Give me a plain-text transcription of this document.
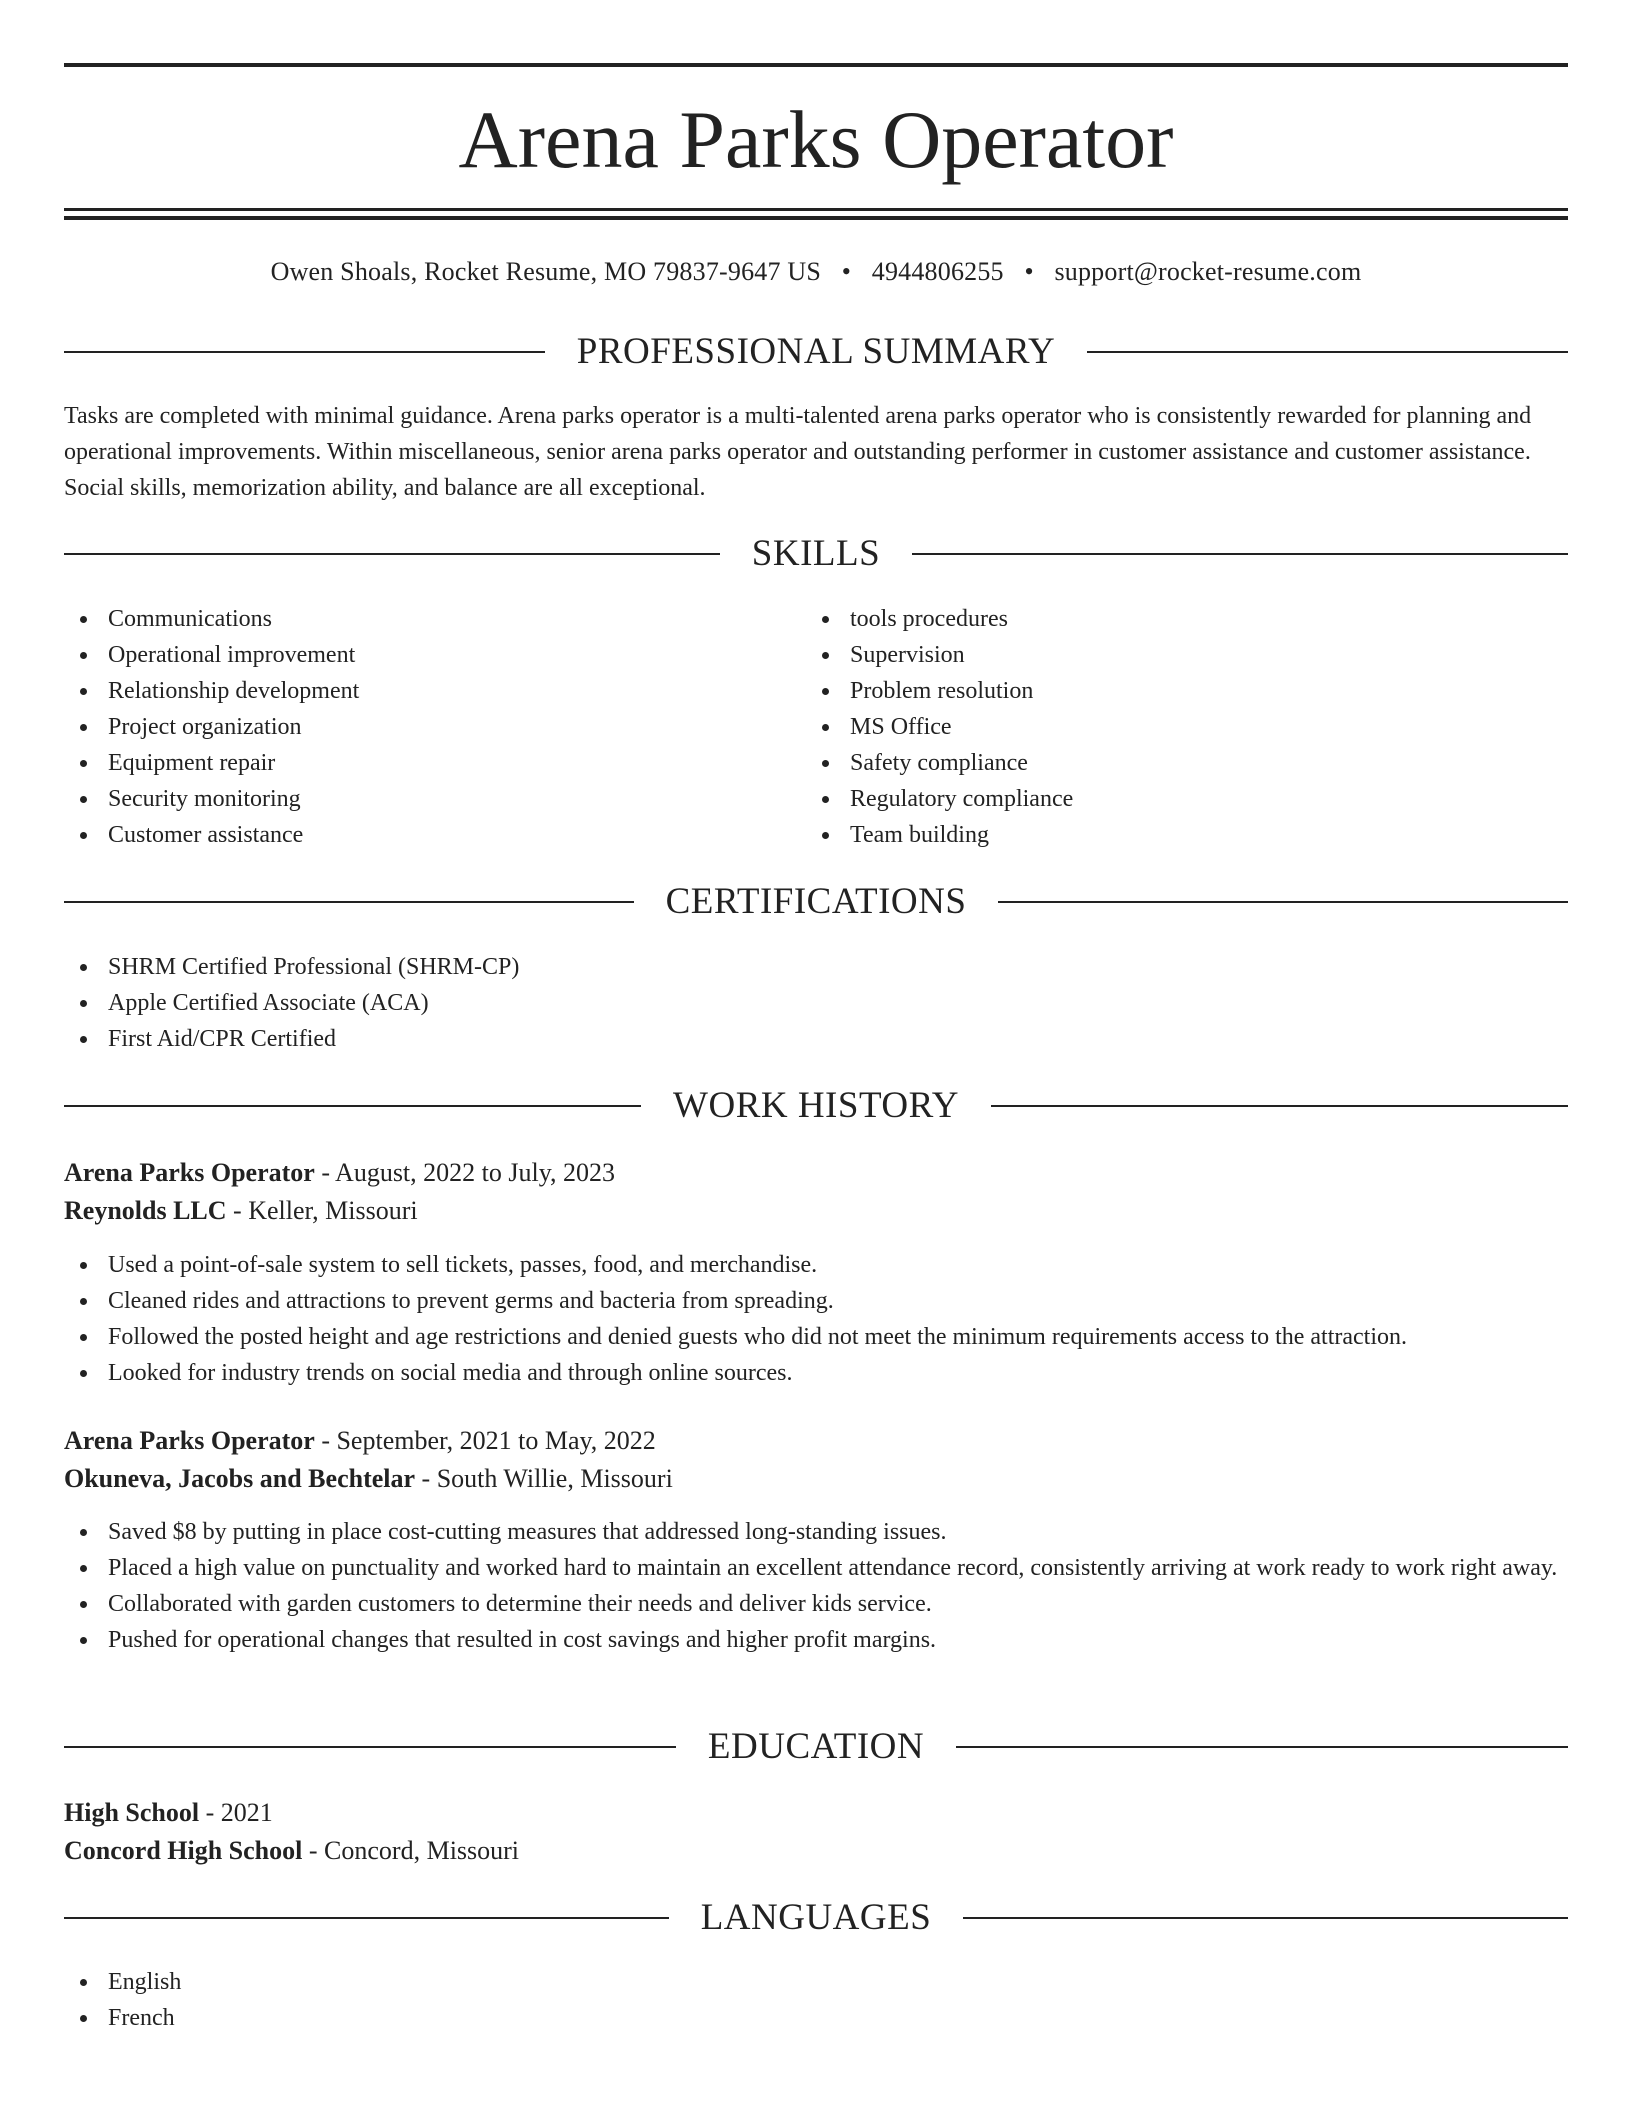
Arena Parks Operator
Owen Shoals, Rocket Resume, MO 79837-9647 US • 4944806255 • support@rocket-resume.com
PROFESSIONAL SUMMARY

Tasks are completed with minimal guidance. Arena parks operator is a multi-talented arena parks operator who is consistently rewarded for planning and operational improvements. Within miscellaneous, senior arena parks operator and outstanding performer in customer assistance and customer assistance. Social skills, memorization ability, and balance are all exceptional.

SKILLS
Communications
Operational improvement
Relationship development
Project organization
Equipment repair
Security monitoring
Customer assistance
tools procedures
Supervision
Problem resolution
MS Office
Safety compliance
Regulatory compliance
Team building
CERTIFICATIONS
SHRM Certified Professional (SHRM-CP)
Apple Certified Associate (ACA)
First Aid/CPR Certified
WORK HISTORY
Arena Parks Operator - August, 2022 to July, 2023
Reynolds LLC - Keller, Missouri
Used a point-of-sale system to sell tickets, passes, food, and merchandise.
Cleaned rides and attractions to prevent germs and bacteria from spreading.
Followed the posted height and age restrictions and denied guests who did not meet the minimum requirements access to the attraction.
Looked for industry trends on social media and through online sources.
Arena Parks Operator - September, 2021 to May, 2022
Okuneva, Jacobs and Bechtelar - South Willie, Missouri
Saved $8 by putting in place cost-cutting measures that addressed long-standing issues.
Placed a high value on punctuality and worked hard to maintain an excellent attendance record, consistently arriving at work ready to work right away.
Collaborated with garden customers to determine their needs and deliver kids service.
Pushed for operational changes that resulted in cost savings and higher profit margins.
EDUCATION
High School - 2021
Concord High School - Concord, Missouri
LANGUAGES
English
French
